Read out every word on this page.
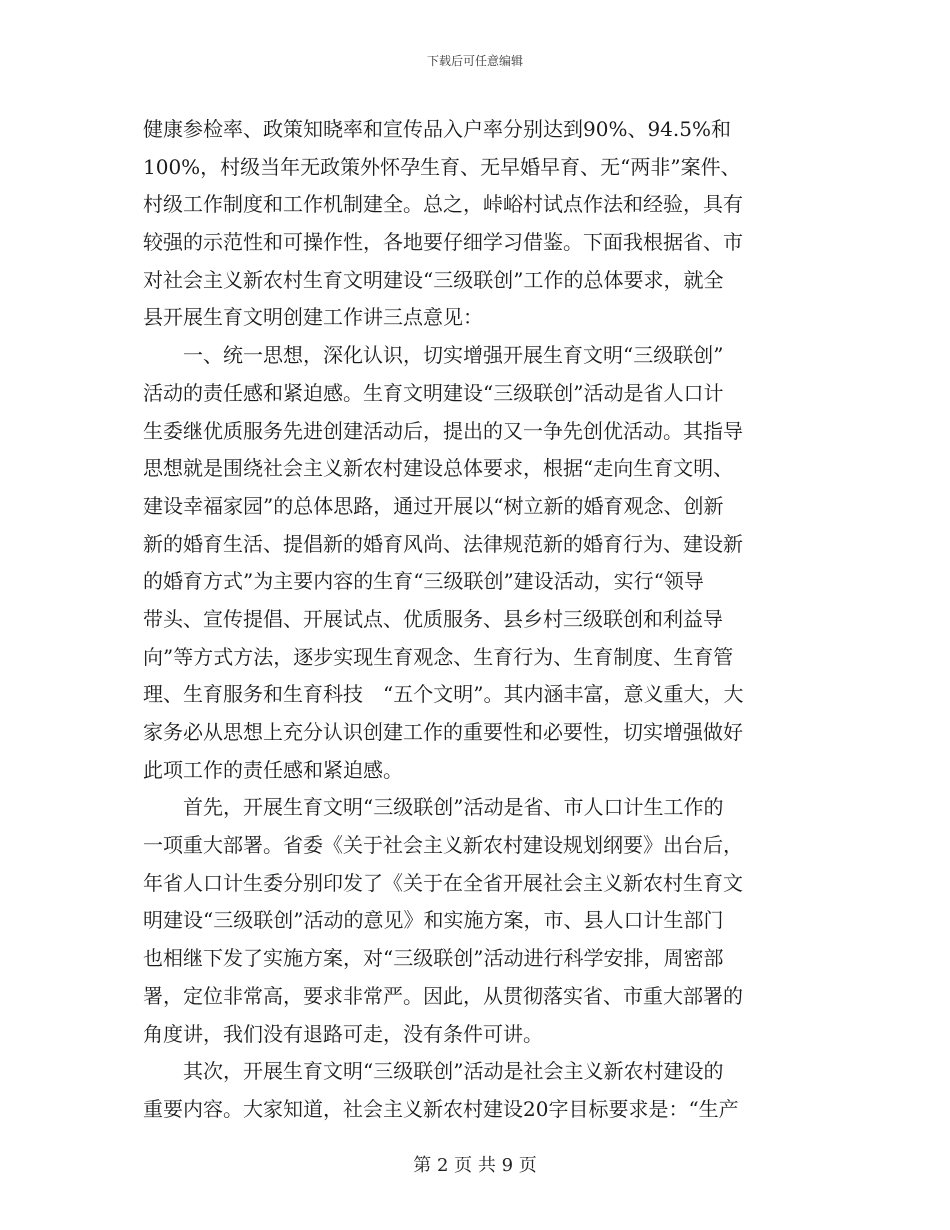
下载后可任意编辑
健康参检率、政策知晓率和宣传品入户率分别达到90%、94.5%和
100%，村级当年无政策外怀孕生育、无早婚早育、无“两非”案件、
村级工作制度和工作机制建全。总之，峠峪村试点作法和经验，具有
较强的示范性和可操作性，各地要仔细学习借鉴。下面我根据省、市
对社会主义新农村生育文明建设“三级联创”工作的总体要求，就全
县开展生育文明创建工作讲三点意见：
　　一、统一思想，深化认识，切实增强开展生育文明“三级联创”
活动的责任感和紧迫感。生育文明建设“三级联创”活动是省人口计
生委继优质服务先进创建活动后，提出的又一争先创优活动。其指导
思想就是围绕社会主义新农村建设总体要求，根据“走向生育文明、
建设幸福家园”的总体思路，通过开展以“树立新的婚育观念、创新
新的婚育生活、提倡新的婚育风尚、法律规范新的婚育行为、建设新
的婚育方式”为主要内容的生育“三级联创”建设活动，实行“领导
带头、宣传提倡、开展试点、优质服务、县乡村三级联创和利益导
向”等方式方法，逐步实现生育观念、生育行为、生育制度、生育管
理、生育服务和生育科技　“五个文明”。其内涵丰富，意义重大，大
家务必从思想上充分认识创建工作的重要性和必要性，切实增强做好
此项工作的责任感和紧迫感。
　　首先，开展生育文明“三级联创”活动是省、市人口计生工作的
一项重大部署。省委《关于社会主义新农村建设规划纲要》出台后，
年省人口计生委分别印发了《关于在全省开展社会主义新农村生育文
明建设“三级联创”活动的意见》和实施方案，市、县人口计生部门
也相继下发了实施方案，对“三级联创”活动进行科学安排，周密部
署，定位非常高，要求非常严。因此，从贯彻落实省、市重大部署的
角度讲，我们没有退路可走，没有条件可讲。
　　其次，开展生育文明“三级联创”活动是社会主义新农村建设的
重要内容。大家知道，社会主义新农村建设20字目标要求是：“生产
第 2 页 共 9 页
